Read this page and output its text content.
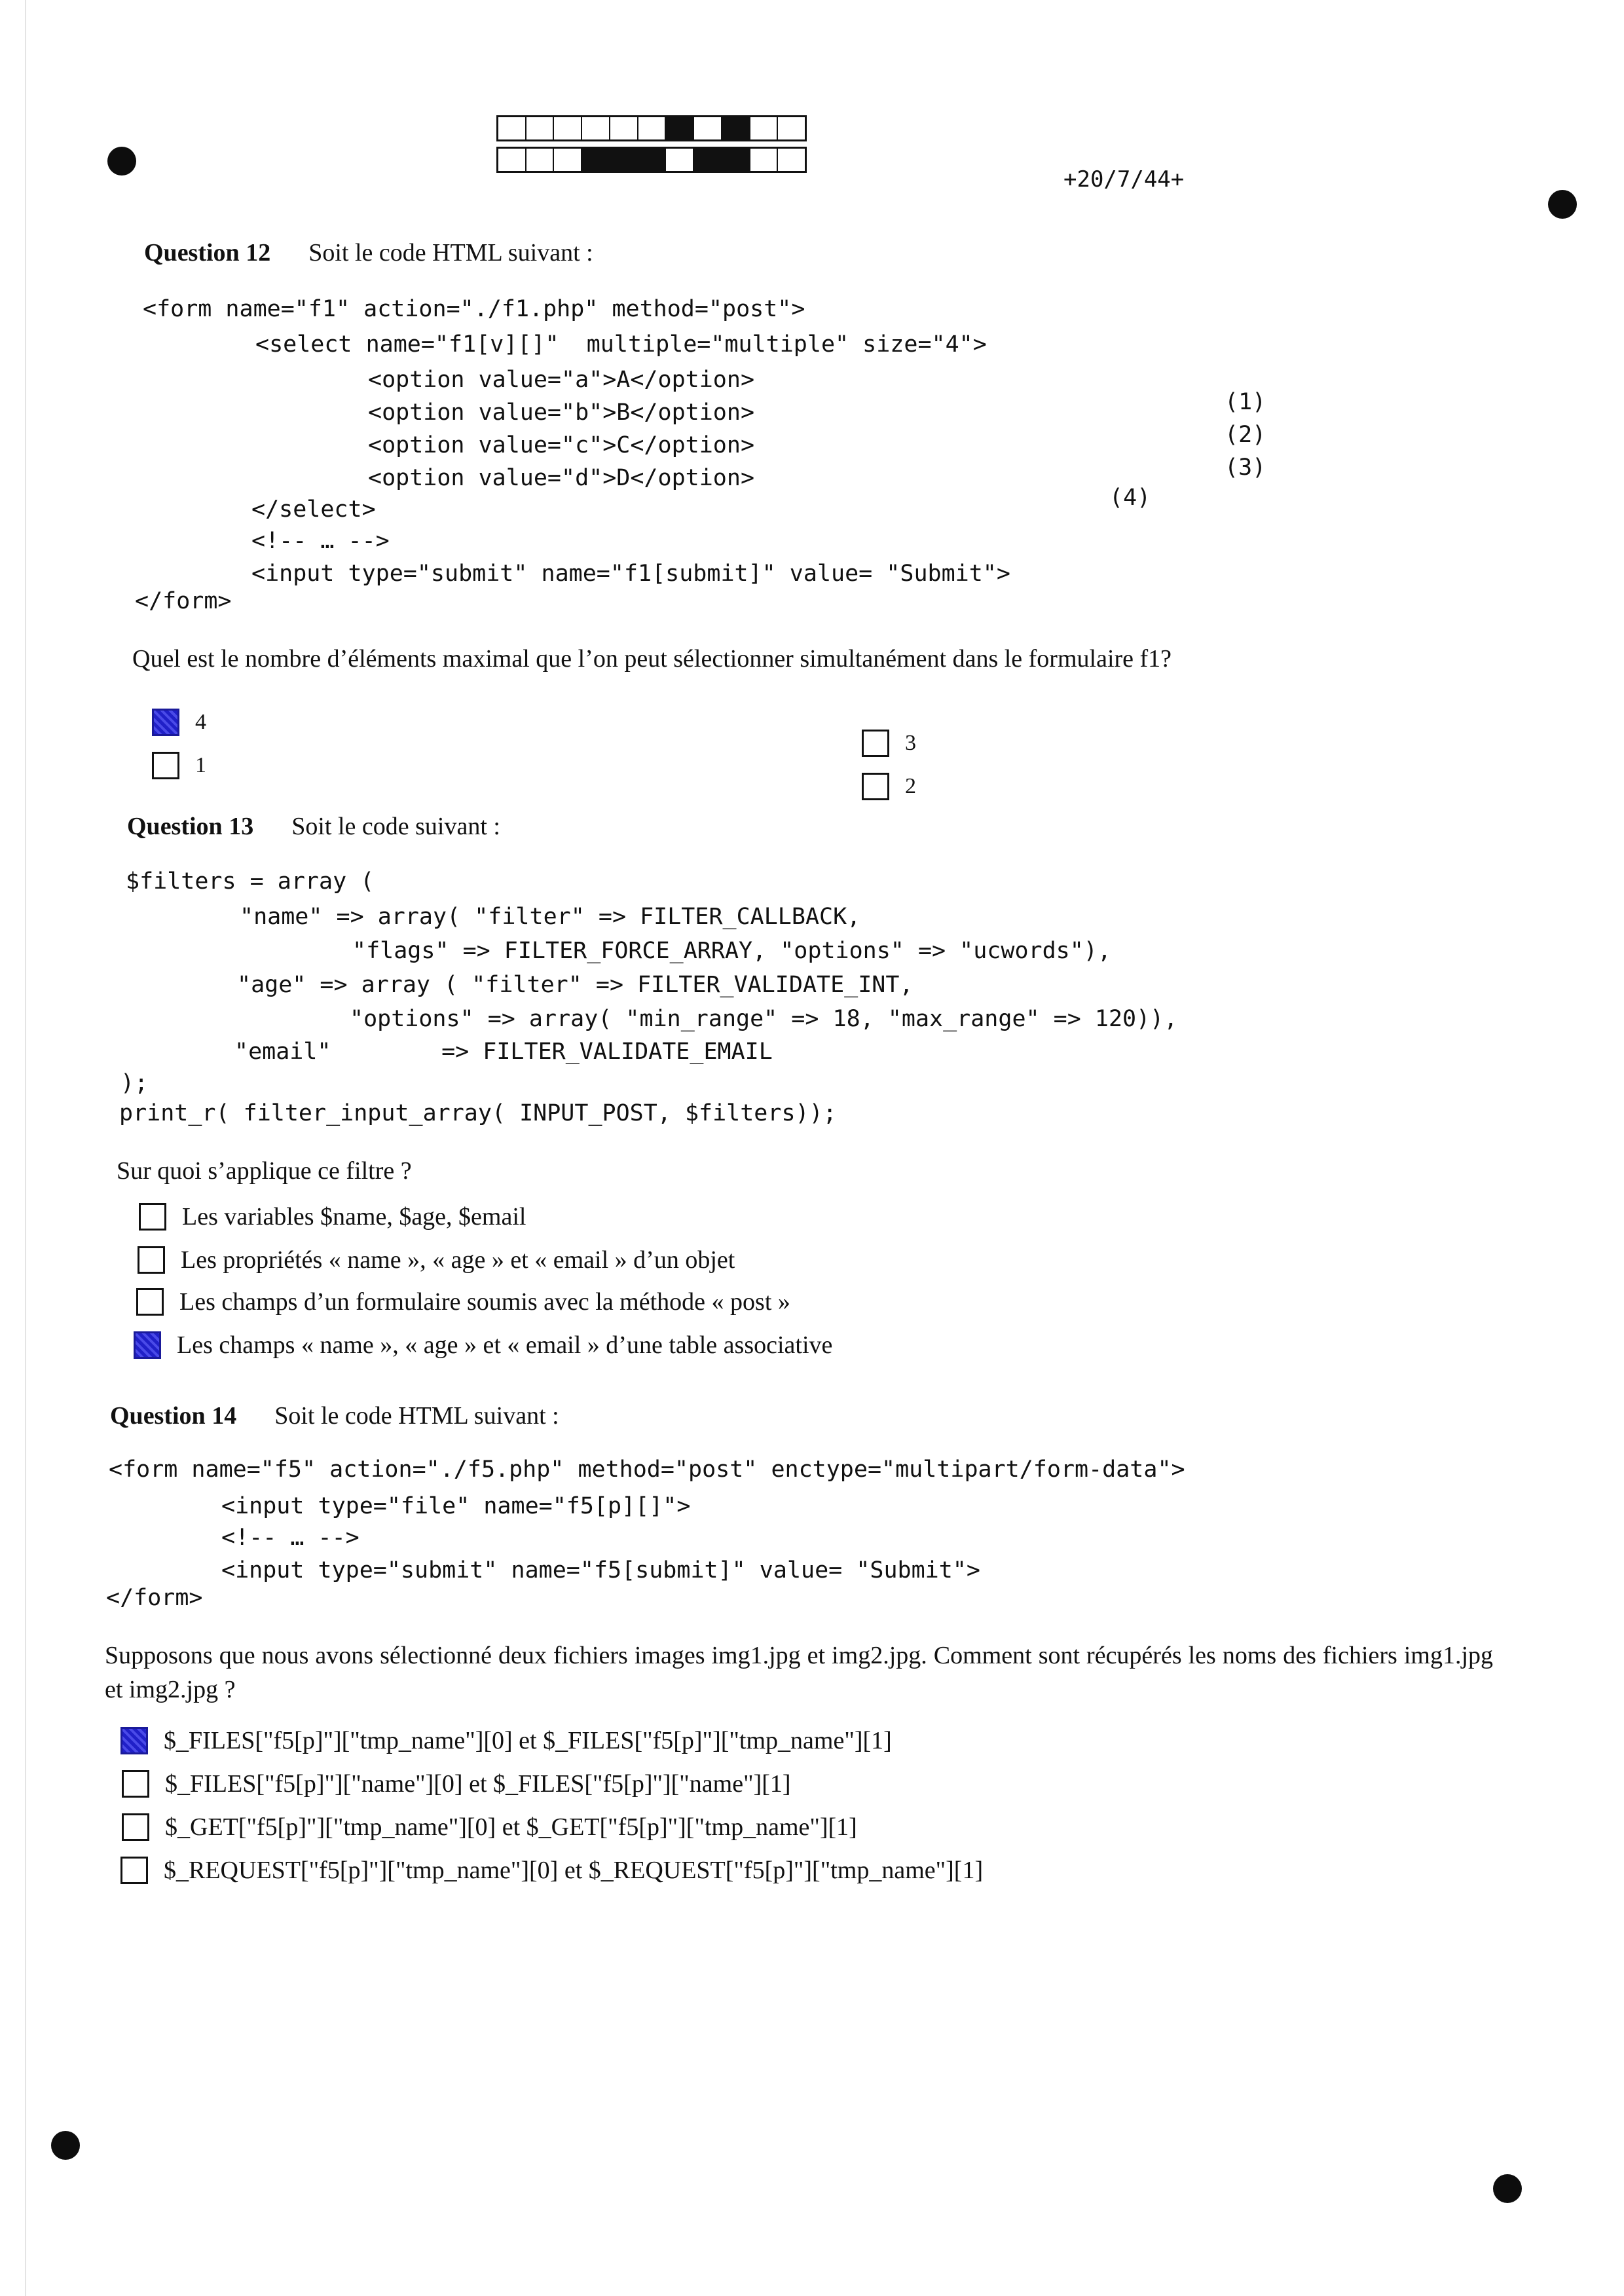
+20/7/44+
Question 12 Soit le code HTML suivant :
<form name="f1" action="./f1.php" method="post">
<select name="f1[v][]"  multiple="multiple" size="4">
<option value="a">A</option>
<option value="b">B</option>
<option value="c">C</option>
<option value="d">D</option>
</select>
<!-- … -->
<input type="submit" name="f1[submit]" value= "Submit">
</form>
(1)
(2)
(3)
(4)
Quel est le nombre d’éléments maximal que l’on peut sélectionner simultanément dans le formulaire f1?
4
1
3
2
Question 13 Soit le code suivant :
$filters = array (
"name" => array( "filter" => FILTER_CALLBACK,
"flags" => FILTER_FORCE_ARRAY, "options" => "ucwords"),
"age" => array ( "filter" => FILTER_VALIDATE_INT,
"options" => array( "min_range" => 18, "max_range" => 120)),
"email"        => FILTER_VALIDATE_EMAIL
);
print_r( filter_input_array( INPUT_POST, $filters));
Sur quoi s’applique ce filtre ?
Les variables $name, $age, $email
Les propriétés « name », « age » et « email » d’un objet
Les champs d’un formulaire soumis avec la méthode « post »
Les champs « name », « age » et « email » d’une table associative
Question 14 Soit le code HTML suivant :
<form name="f5" action="./f5.php" method="post" enctype="multipart/form-data">
<input type="file" name="f5[p][]">
<!-- … -->
<input type="submit" name="f5[submit]" value= "Submit">
</form>
Supposons que nous avons sélectionné deux fichiers images img1.jpg et img2.jpg. Comment sont récupérés les noms des fichiers img1.jpg et img2.jpg ?
$_FILES["f5[p]"]["tmp_name"][0] et $_FILES["f5[p]"]["tmp_name"][1]
$_FILES["f5[p]"]["name"][0] et $_FILES["f5[p]"]["name"][1]
$_GET["f5[p]"]["tmp_name"][0] et $_GET["f5[p]"]["tmp_name"][1]
$_REQUEST["f5[p]"]["tmp_name"][0] et $_REQUEST["f5[p]"]["tmp_name"][1]
